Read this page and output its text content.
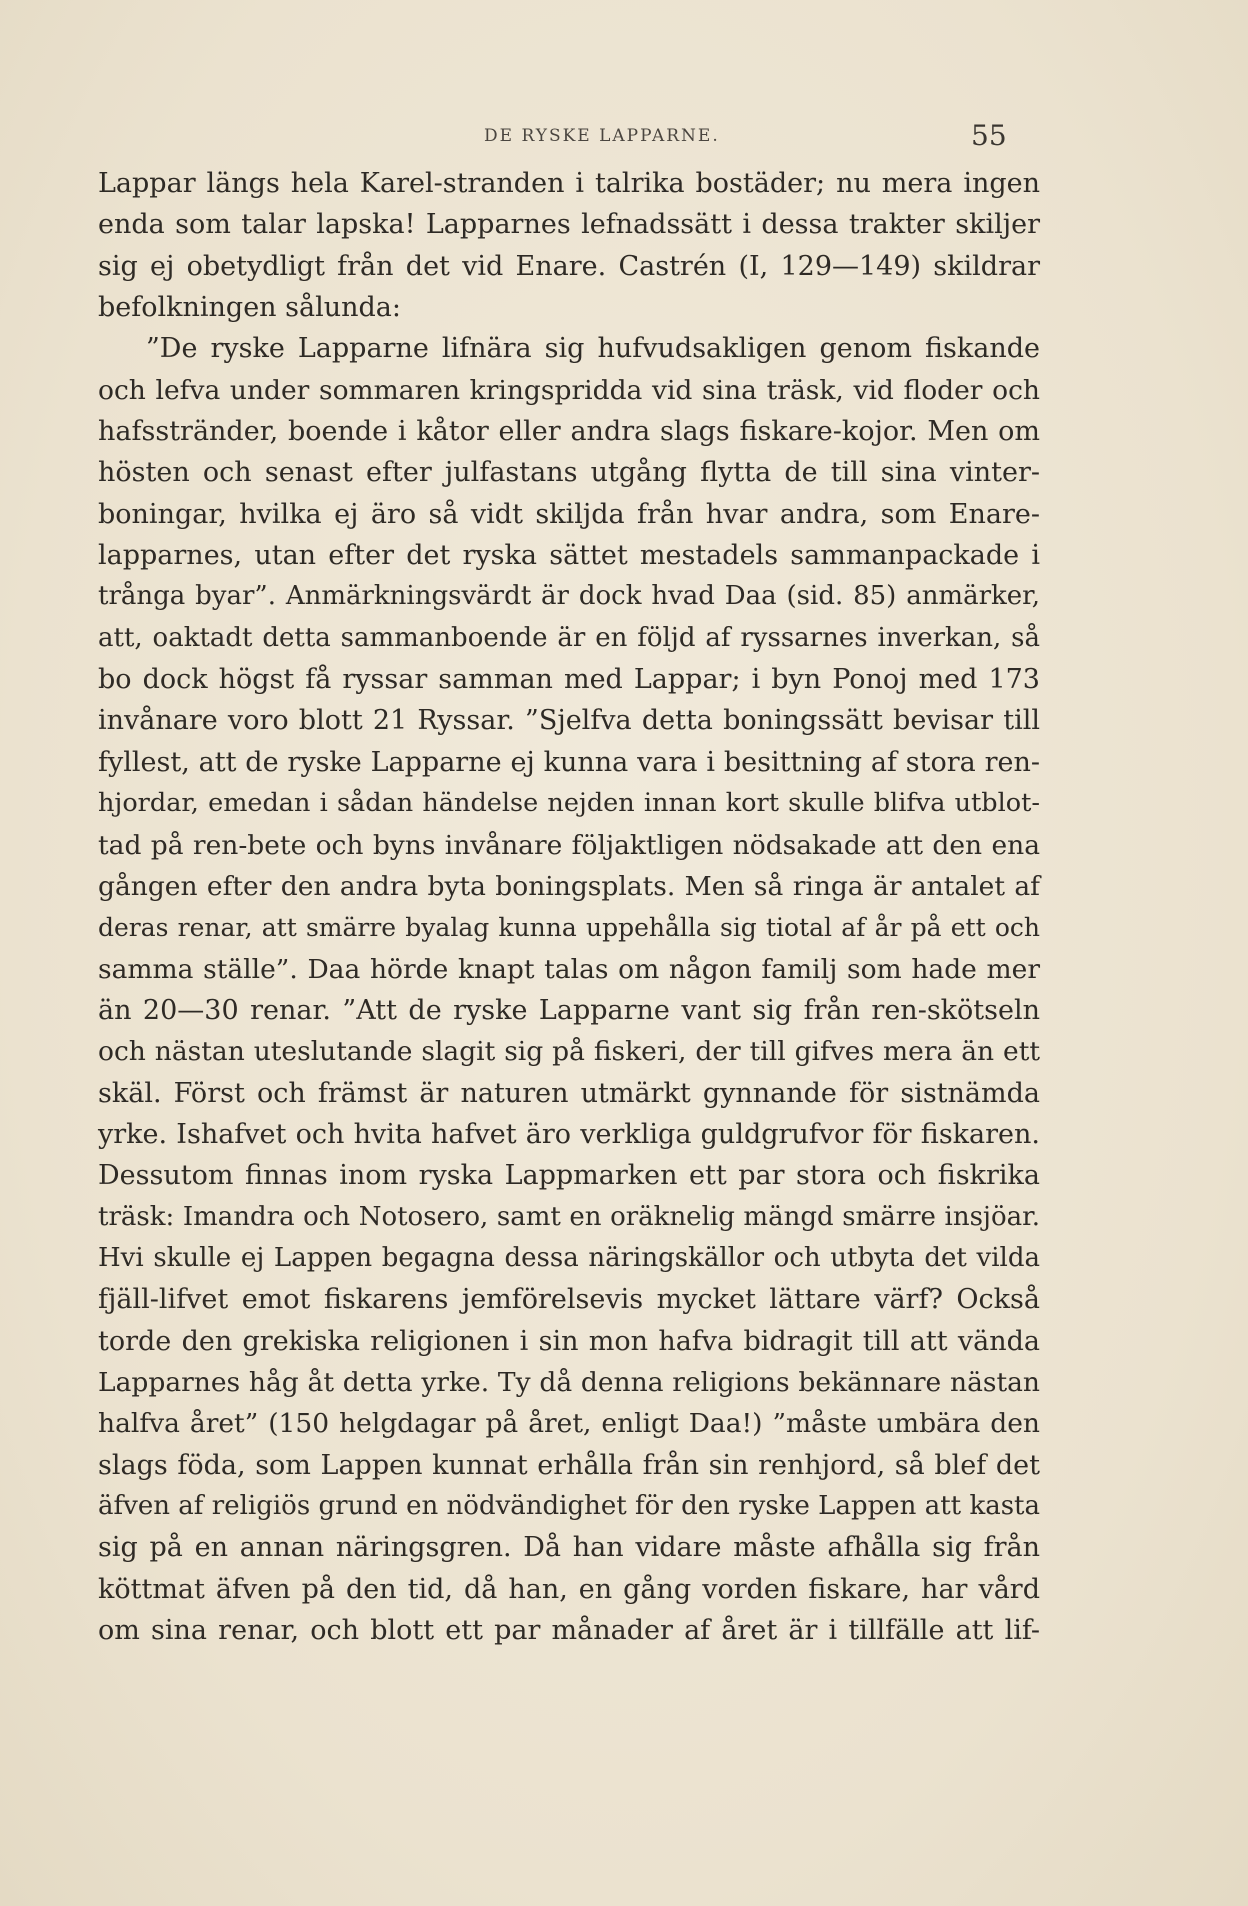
DE RYSKE LAPPARNE.	55
Lappar längs hela Karel-stranden i talrika bostäder; nu mera ingen
enda som talar lapska! Lapparnes lefnadssätt i dessa trakter skiljer
sig ej obetydligt från det vid Enare. Castrén (I, 129—149) skildrar
befolkningen sålunda:
”De ryske Lapparne lifnära sig hufvudsakligen genom fiskande
och lefva under sommaren kringspridda vid sina träsk, vid floder och
hafsstränder, boende i kåtor eller andra slags fiskare-kojor. Men om
hösten och senast efter julfastans utgång flytta de till sina vinter-
boningar, hvilka ej äro så vidt skiljda från hvar andra, som Enare-
lapparnes, utan efter det ryska sättet mestadels sammanpackade i
trånga byar”. Anmärkningsvärdt är dock hvad Daa (sid. 85) anmärker,
att, oaktadt detta sammanboende är en följd af ryssarnes inverkan, så
bo dock högst få ryssar samman med Lappar; i byn Ponoj med 173
invånare voro blott 21 Ryssar. ”Sjelfva detta boningssätt bevisar till
fyllest, att de ryske Lapparne ej kunna vara i besittning af stora ren-
hjordar, emedan i sådan händelse nejden innan kort skulle blifva utblot-
tad på ren-bete och byns invånare följaktligen nödsakade att den ena
gången efter den andra byta boningsplats. Men så ringa är antalet af
deras renar, att smärre byalag kunna uppehålla sig tiotal af år på ett och
samma ställe”. Daa hörde knapt talas om någon familj som hade mer
än 20—30 renar. ”Att de ryske Lapparne vant sig från ren-skötseln
och nästan uteslutande slagit sig på fiskeri, der till gifves mera än ett
skäl. Först och främst är naturen utmärkt gynnande för sistnämda
yrke. Ishafvet och hvita hafvet äro verkliga guldgrufvor för fiskaren.
Dessutom finnas inom ryska Lappmarken ett par stora och fiskrika
träsk: Imandra och Notosero, samt en oräknelig mängd smärre insjöar.
Hvi skulle ej Lappen begagna dessa näringskällor och utbyta det vilda
fjäll-lifvet emot fiskarens jemförelsevis mycket lättare värf? Också
torde den grekiska religionen i sin mon hafva bidragit till att vända
Lapparnes håg åt detta yrke. Ty då denna religions bekännare nästan
halfva året” (150 helgdagar på året, enligt Daa!) ”måste umbära den
slags föda, som Lappen kunnat erhålla från sin renhjord, så blef det
äfven af religiös grund en nödvändighet för den ryske Lappen att kasta
sig på en annan näringsgren. Då han vidare måste afhålla sig från
köttmat äfven på den tid, då han, en gång vorden fiskare, har vård
om sina renar, och blott ett par månader af året är i tillfälle att lif-
